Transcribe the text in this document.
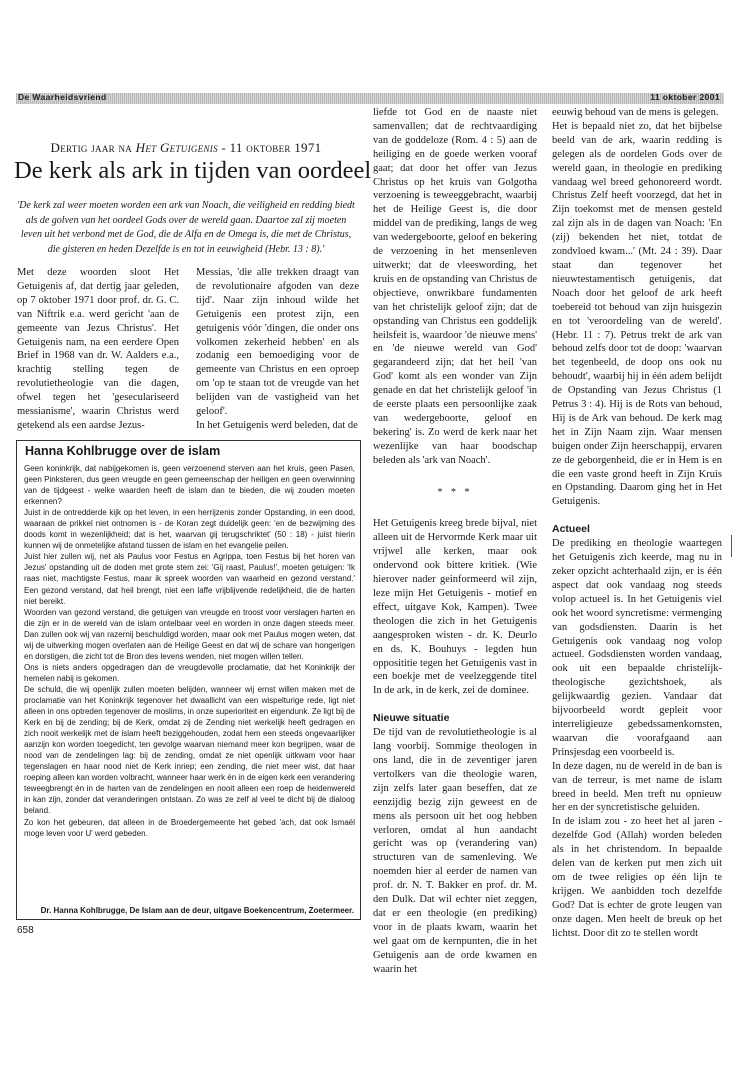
De Waarheidsvriend	11 oktober 2001
Dertig jaar na Het Getuigenis - 11 oktober 1971
De kerk als ark in tijden van oordeel

'De kerk zal weer moeten worden een ark van Noach, die veiligheid en redding biedt als de golven van het oordeel Gods over de wereld gaan. Daartoe zal zij moeten leven uit het verbond met de God, die de Alfa en de Omega is, die met de Christus, die gisteren en heden Dezelfde is en tot in eeuwigheid (Hebr. 13 : 8).'

Met deze woorden sloot Het Getuigenis af, dat dertig jaar geleden, op 7 oktober 1971 door prof. dr. G. C. van Niftrik e.a. werd gericht 'aan de gemeente van Jezus Christus'. Het Getuigenis nam, na een eerdere Open Brief in 1968 van dr. W. Aalders e.a., krachtig stelling tegen de revolutietheologie van die dagen, ofwel tegen het 'geseculariseerd messianisme', waarin Christus werd getekend als een aardse Jezus-

Messias, 'die alle trekken draagt van de revolutionaire afgoden van deze tijd'. Naar zijn inhoud wilde het Getuigenis een protest zijn, een getuigenis vóór 'dingen, die onder ons volkomen zekerheid hebben' en als zodanig een bemoediging voor de gemeente van Christus en een oproep om 'op te staan tot de vreugde van het belijden van de vastigheid van het geloof'.

In het Getuigenis werd beleden, dat de

liefde tot God en de naaste niet samenvallen; dat de rechtvaardiging van de goddeloze (Rom. 4 : 5) aan de heiliging en de goede werken vooraf gaat; dat door het offer van Jezus Christus op het kruis van Golgotha verzoening is teweeggebracht, waarbij het de Heilige Geest is, die door middel van de prediking, langs de weg van wedergeboorte, geloof en bekering de verzoening in het mensenleven uitwerkt; dat de vleeswording, het kruis en de opstanding van Christus de objectieve, onwrikbare fundamenten van het christelijk geloof zijn; dat de opstanding van Christus een goddelijk heilsfeit is, waardoor 'de nieuwe mens' en 'de nieuwe wereld van God' gegarandeerd zijn; dat het heil 'van God' komt als een wonder van Zijn genade en dat het christelijk geloof 'in de eerste plaats een persoonlijke zaak van wedergeboorte, geloof en bekering' is. Zo werd de kerk naar het wezenlijke van haar boodschap beleden als 'ark van Noach'.

* * *

Het Getuigenis kreeg brede bijval, niet alleen uit de Hervormde Kerk maar uit vrijwel alle kerken, maar ook ondervond ook bittere kritiek. (Wie hierover nader geinformeerd wil zijn, leze mijn Het Getuigenis - motief en effect, uitgave Kok, Kampen). Twee theologen die zich in het Getuigenis aangesproken wisten - dr. K. Deurlo en ds. K. Bouhuys - legden hun opposititie tegen het Getuigenis vast in een boekje met de veelzeggende titel In de ark, in de kerk, zei de dominee.

Nieuwe situatie

De tijd van de revolutietheologie is al lang voorbij. Sommige theologen in ons land, die in de zeventiger jaren vertolkers van die theologie waren, zijn zelfs later gaan beseffen, dat ze eenzijdig bezig zijn geweest en de mens als persoon uit het oog hebben verloren, omdat al hun aandacht gericht was op (verandering van) structuren van de samenleving. We noemden hier al eerder de namen van prof. dr. N. T. Bakker en prof. dr. M. den Dulk. Dat wil echter niet zeggen, dat er een theologie (en prediking) voor in de plaats kwam, waarin het wel gaat om de kernpunten, die in het Getuigenis aan de orde kwamen en waarin het

eeuwig behoud van de mens is gelegen.

Het is bepaald niet zo, dat het bijbelse beeld van de ark, waarin redding is gelegen als de oordelen Gods over de wereld gaan, in theologie en prediking vandaag wel breed gehonoreerd wordt. Christus Zelf heeft voorzegd, dat het in Zijn toekomst met de mensen gesteld zal zijn als in de dagen van Noach: 'En (zij) bekenden het niet, totdat de zondvloed kwam...' (Mt. 24 : 39). Daar staat dan tegenover het nieuwtestamentisch getuigenis, dat Noach door het geloof de ark heeft toebereid tot behoud van zijn huisgezin en tot 'veroordeling van de wereld'. (Hebr. 11 : 7). Petrus trekt de ark van behoud zelfs door tot de doop: 'waarvan het tegenbeeld, de doop ons ook nu behoudt', waarbij hij in één adem belijdt de Opstanding van Jezus Christus (1 Petrus 3 : 4). Hij is de Rots van behoud, Hij is de Ark van behoud. De kerk mag het in Zijn Naam zijn. Waar mensen buigen onder Zijn heerschappij, ervaren ze de geborgenheid, die er in Hem is en die een vaste grond heeft in Zijn Kruis en Opstanding. Daarom ging het in Het Getuigenis.

Actueel

De prediking en theologie waartegen het Getuigenis zich keerde, mag nu in zeker opzicht achterhaald zijn, er is één aspect dat ook vandaag nog steeds volop actueel is. In het Getuigenis viel ook het woord syncretisme: vermenging van godsdiensten. Daarin is het Getuigenis ook vandaag nog volop actueel. Godsdiensten worden vandaag, ook uit een bepaalde christelijk-theologische gezichtshoek, als gelijkwaardig gezien. Vandaar dat bijvoorbeeld wordt gepleit voor interreligieuze gebedssamenkomsten, waarvan die voorafgaand aan Prinsjesdag een voorbeeld is.

In deze dagen, nu de wereld in de ban is van de terreur, is met name de islam breed in beeld. Men treft nu opnieuw her en der syncretistische geluiden.

In de islam zou - zo heet het al jaren - dezelfde God (Allah) worden beleden als in het christendom. In bepaalde delen van de kerken put men zich uit om de twee religies op één lijn te krijgen. We aanbidden toch dezelfde God? Dat is echter de grote leugen van onze dagen. Men heelt de breuk op het lichtst. Door dit zo te stellen wordt

Hanna Kohlbrugge over de islam

Geen koninkrijk, dat nabijgekomen is, geen verzoenend sterven aan het kruis, geen Pasen, geen Pinksteren, dus geen vreugde en geen gemeenschap der heiligen en geen overwinning van de tijdgeest - welke waarden heeft de islam dan te bieden, die wij zouden moeten erkennen?

Juist in de ontredderde kijk op het leven, in een herrijzenis zonder Opstanding, in een dood, waaraan de prikkel niet ontnomen is - de Koran zegt duidelijk geen: 'en de bezwijming des doods komt in wezenlijkheid; dat is het, waarvan gij terugschriktet' (50 : 18) - juist hierin kunnen wij de onmetelijke afstand tussen de islam en het evangelie peilen.

Juist hier zullen wij, net als Paulus voor Festus en Agrippa, toen Festus bij het horen van Jezus' opstanding uit de doden met grote stem zei: 'Gij raast, Paulus!', moeten getuigen: 'Ik raas niet, machtigste Festus, maar ik spreek woorden van waarheid en gezond verstand.' Een gezond verstand, dat heil brengt, niet een laffe vrijblijvende redelijkheid, die de harten niet bereikt.

Woorden van gezond verstand, die getuigen van vreugde en troost voor verslagen harten en die zijn er in de wereld van de islam ontelbaar veel en worden in onze dagen steeds meer. Dan zullen ook wij van razernij beschuldigd worden, maar ook met Paulus mogen weten, dat wij de uitwerking mogen overlaten aan de Heilige Geest en dat wij de schare van hongerigen en dorstigen, die zicht tot de Bron des levens wenden, niet mogen willen tellen.

Ons is niets anders opgedragen dan de vreugdevolle proclamatie, dat het Koninkrijk der hemelen nabij is gekomen.

De schuld, die wij openlijk zullen moeten belijden, wanneer wij ernst willen maken met de proclamatie van het Koninkrijk tegenover het dwaallicht van een wispelturige rede, ligt niet alleen in ons optreden tegenover de moslims, in onze superioriteit en eigendunk. Ze ligt bij de Kerk en bij de zending; bij de Kerk, omdat zij de Zending niet werkelijk heeft gedragen en zich nooit werkelijk met de islam heeft beziggehouden, zodat hem een steeds ongevaarlijker aanzijn kon worden toegedicht, ten gevolge waarvan niemand meer kon begrijpen, waar de nood van de zendelingen lag: bij de zending, omdat ze niet openlijk uitkwam voor haar tegenslagen en haar nood niet de Kerk inriep; een zending, die niet meer wist, dat haar roeping alleen kan worden volbracht, wanneer haar werk én in de eigen kerk een verandering teweegbrengt én in de harten van de zendelingen en nooit alleen een roep de heidenwereld in kan zijn, zonder dat veranderingen ontstaan. Zo was ze zelf al veel te dicht bij de dialoog beland.

Zo kon het gebeuren, dat alleen in de Broedergemeente het gebed 'ach, dat ook Ismaël moge leven voor U' werd gebeden.

Dr. Hanna Kohlbrugge, De Islam aan de deur, uitgave Boekencentrum, Zoetermeer.
658
